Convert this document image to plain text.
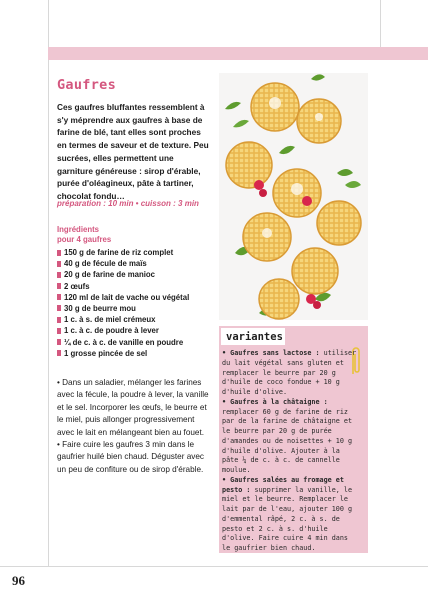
Gaufres
Ces gaufres bluffantes ressemblent à s'y méprendre aux gaufres à base de farine de blé, tant elles sont proches en termes de saveur et de texture. Peu sucrées, elles permettent une garniture généreuse : sirop d'érable, purée d'oléagineux, pâte à tartiner, chocolat fondu…
préparation : 10 min • cuisson : 3 min
Ingrédients
pour 4 gaufres
150 g de farine de riz complet
40 g de fécule de maïs
20 g de farine de manioc
2 œufs
120 ml de lait de vache ou végétal
30 g de beurre mou
1 c. à s. de miel crémeux
1 c. à c. de poudre à lever
¼ de c. à c. de vanille en poudre
1 grosse pincée de sel

• Dans un saladier, mélanger les farines avec la fécule, la poudre à lever, la vanille et le sel. Incorporer les œufs, le beurre et le miel, puis allonger progressivement avec le lait en mélangeant bien au fouet.

• Faire cuire les gaufres 3 min dans le gaufrier huilé bien chaud. Déguster avec un peu de confiture ou de sirop d'érable.

variantes

• Gaufres sans lactose : utiliser du lait végétal sans gluten et remplacer le beurre par 20 g d'huile de coco fondue + 10 g d'huile d'olive.

• Gaufres à la châtaigne : remplacer 60 g de farine de riz par de la farine de châtaigne et le beurre par 20 g de purée d'amandes ou de noisettes + 10 g d'huile d'olive. Ajouter à la pâte ¼ de c. à c. de cannelle moulue.

• Gaufres salées au fromage et pesto : supprimer la vanille, le miel et le beurre. Remplacer le lait par de l'eau, ajouter 100 g d'emmental râpé, 2 c. à s. de pesto et 2 c. à s. d'huile d'olive. Faire cuire 4 min dans le gaufrier bien chaud.

96
